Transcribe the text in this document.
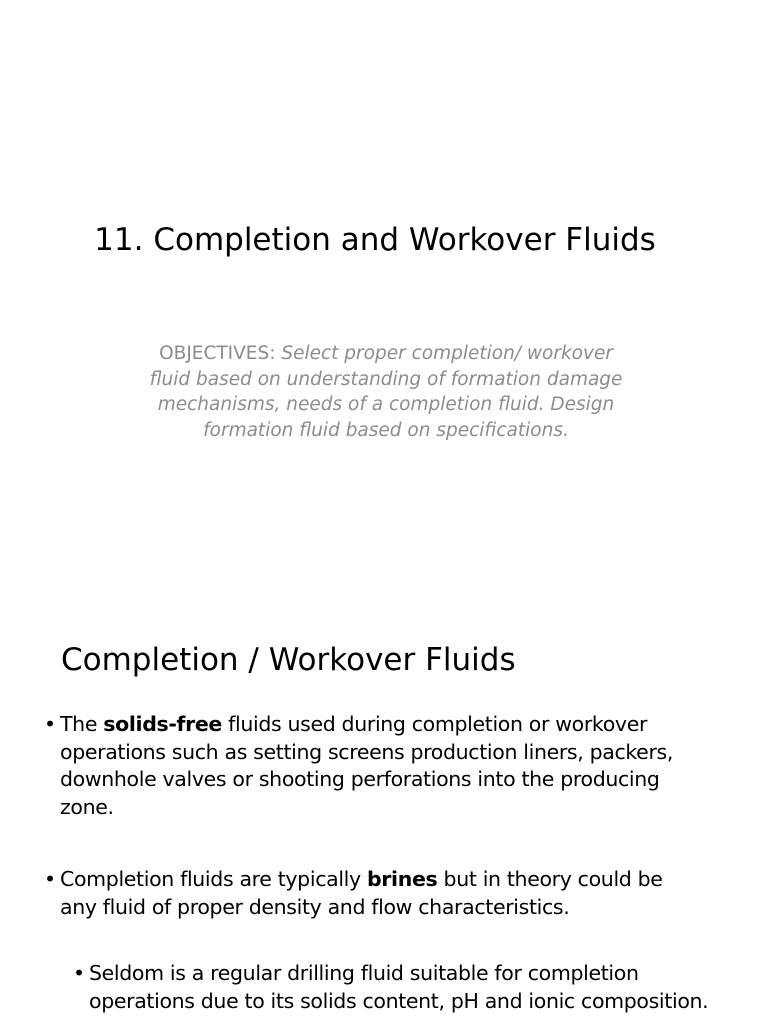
11. Completion and Workover Fluids
OBJECTIVES: Select proper completion/ workover fluid based on understanding of formation damage mechanisms, needs of a completion fluid. Design formation fluid based on specifications.
Completion / Workover Fluids
• The solids-free fluids used during completion or workover operations such as setting screens production liners, packers, downhole valves or shooting perforations into the producing zone.
• Completion fluids are typically brines but in theory could be any fluid of proper density and flow characteristics.
• Seldom is a regular drilling fluid suitable for completion operations due to its solids content, pH and ionic composition.
